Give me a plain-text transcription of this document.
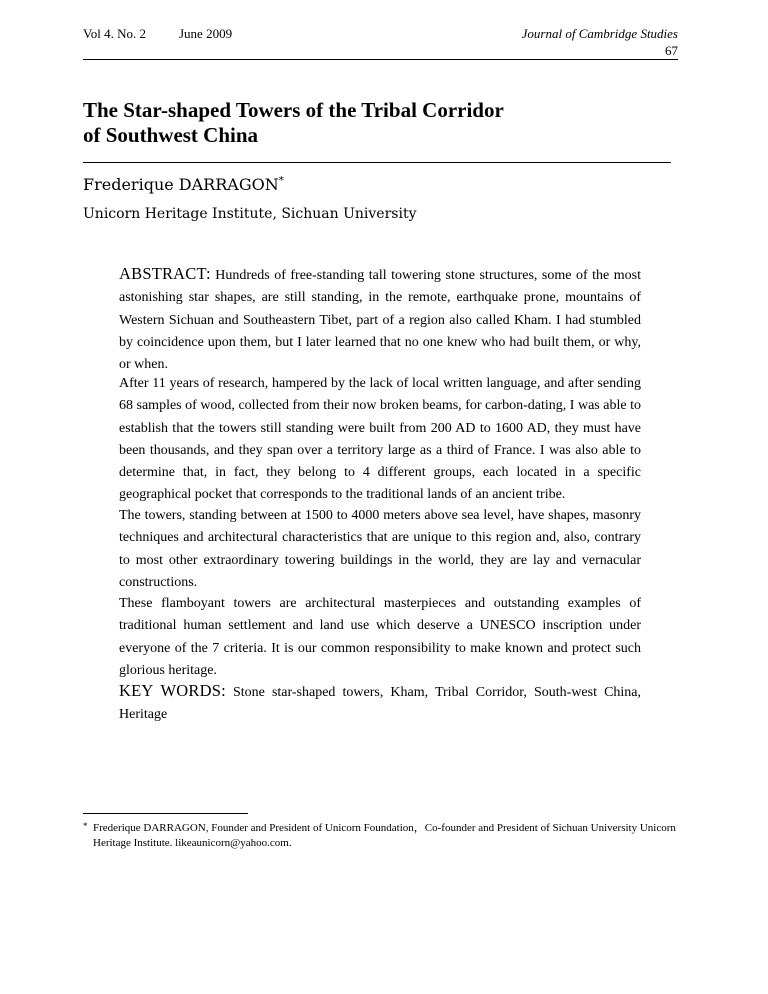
Vol 4. No. 2	June 2009	Journal of Cambridge Studies
67
The Star-shaped Towers of the Tribal Corridor
of Southwest China
Frederique DARRAGON*
Unicorn Heritage Institute, Sichuan University

ABSTRACT: Hundreds of free-standing tall towering stone structures, some of the most astonishing star shapes, are still standing, in the remote, earthquake prone, mountains of Western Sichuan and Southeastern Tibet, part of a region also called Kham. I had stumbled by coincidence upon them, but I later learned that no one knew who had built them, or why, or when.

After 11 years of research, hampered by the lack of local written language, and after sending 68 samples of wood, collected from their now broken beams, for carbon-dating, I was able to establish that the towers still standing were built from 200 AD to 1600 AD, they must have been thousands, and they span over a territory large as a third of France. I was also able to determine that, in fact, they belong to 4 different groups, each located in a specific geographical pocket that corresponds to the traditional lands of an ancient tribe.

The towers, standing between at 1500 to 4000 meters above sea level, have shapes, masonry techniques and architectural characteristics that are unique to this region and, also, contrary to most other extraordinary towering buildings in the world, they are lay and vernacular constructions.

These flamboyant towers are architectural masterpieces and outstanding examples of traditional human settlement and land use which deserve a UNESCO inscription under everyone of the 7 criteria. It is our common responsibility to make known and protect such glorious heritage.

KEY WORDS: Stone star-shaped towers, Kham, Tribal Corridor, South-west China, Heritage

* Frederique DARRAGON, Founder and President of Unicorn Foundation，Co-founder and President of Sichuan University Unicorn Heritage Institute. likeaunicorn@yahoo.com.
